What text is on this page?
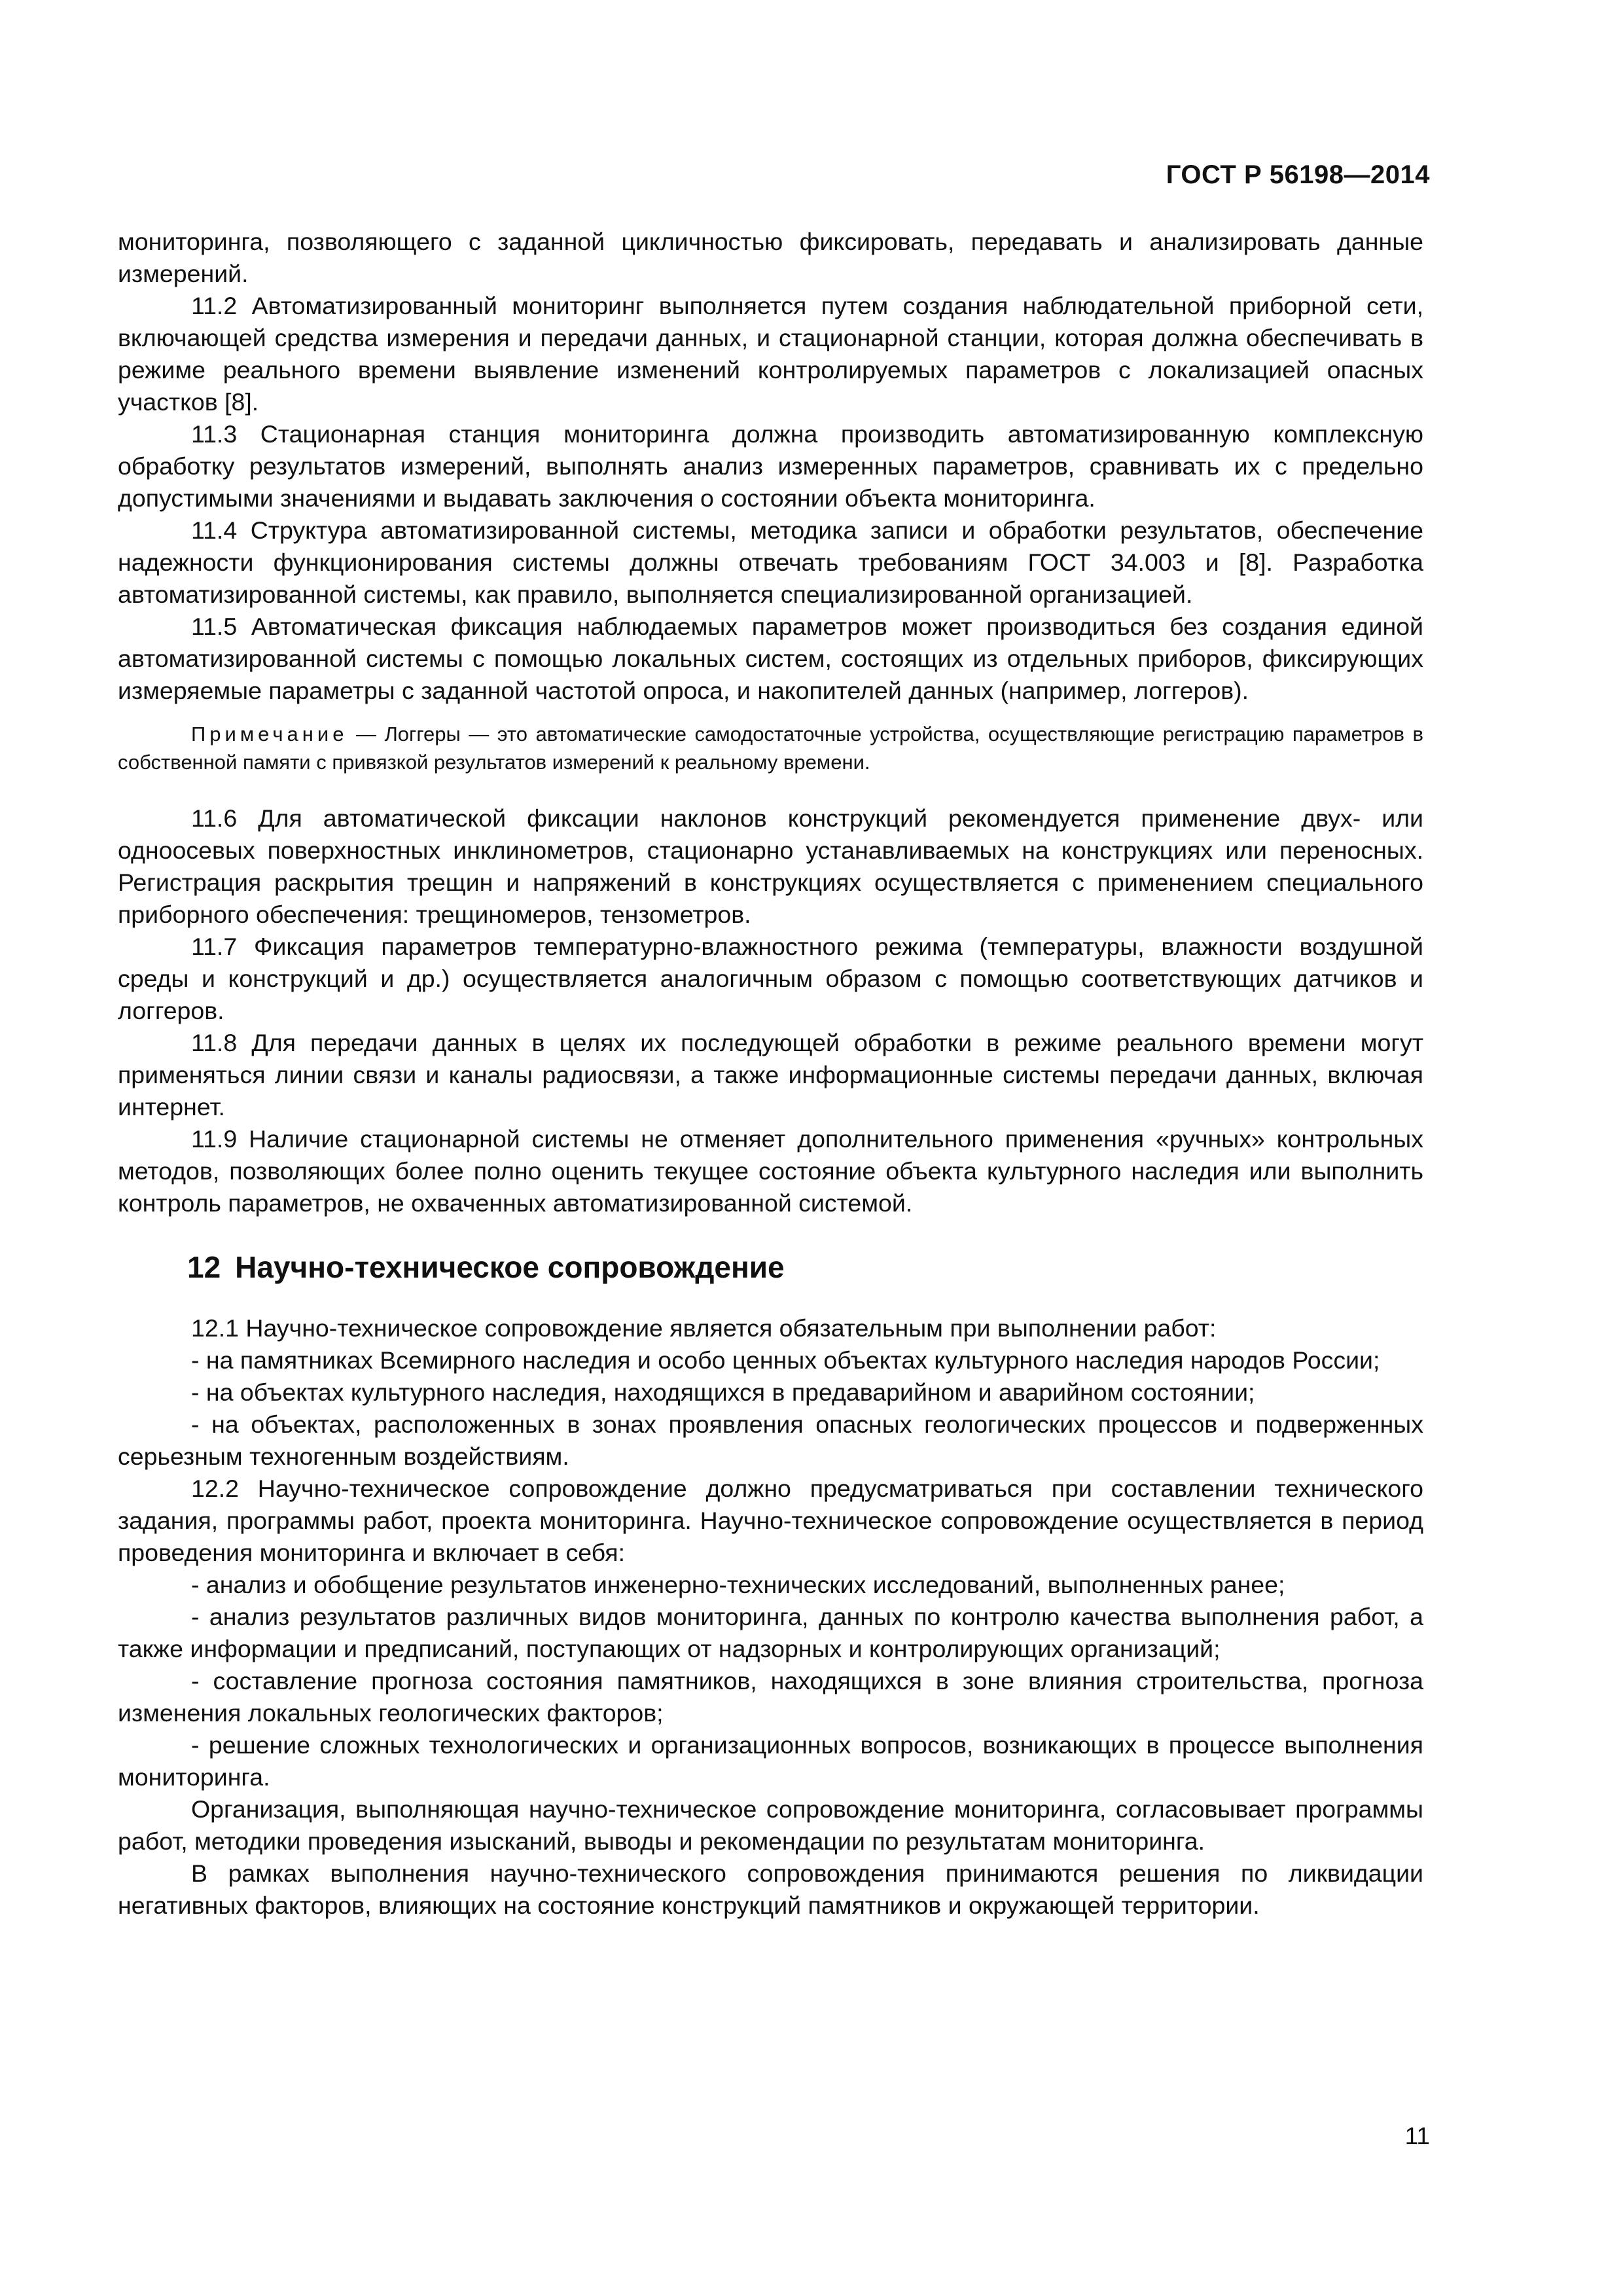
ГОСТ Р 56198—2014

мониторинга, позволяющего с заданной цикличностью фиксировать, передавать и анализировать данные измерений.

11.2 Автоматизированный мониторинг выполняется путем создания наблюдательной приборной сети, включающей средства измерения и передачи данных, и стационарной станции, которая должна обеспечивать в режиме реального времени выявление изменений контролируемых параметров с локализацией опасных участков [8].

11.3 Стационарная станция мониторинга должна производить автоматизированную комплексную обработку результатов измерений, выполнять анализ измеренных параметров, сравнивать их с предельно допустимыми значениями и выдавать заключения о состоянии объекта мониторинга.

11.4 Структура автоматизированной системы, методика записи и обработки результатов, обеспечение надежности функционирования системы должны отвечать требованиям ГОСТ 34.003 и [8]. Разработка автоматизированной системы, как правило, выполняется специализированной организацией.

11.5 Автоматическая фиксация наблюдаемых параметров может производиться без создания единой автоматизированной системы с помощью локальных систем, состоящих из отдельных приборов, фиксирующих измеряемые параметры с заданной частотой опроса, и накопителей данных (например, логгеров).

Примечание — Логгеры — это автоматические самодостаточные устройства, осуществляющие регистрацию параметров в собственной памяти с привязкой результатов измерений к реальному времени.

11.6 Для автоматической фиксации наклонов конструкций рекомендуется применение двух- или одноосевых поверхностных инклинометров, стационарно устанавливаемых на конструкциях или переносных. Регистрация раскрытия трещин и напряжений в конструкциях осуществляется с применением специального приборного обеспечения: трещиномеров, тензометров.

11.7 Фиксация параметров температурно-влажностного режима (температуры, влажности воздушной среды и конструкций и др.) осуществляется аналогичным образом с помощью соответствующих датчиков и логгеров.

11.8 Для передачи данных в целях их последующей обработки в режиме реального времени могут применяться линии связи и каналы радиосвязи, а также информационные системы передачи данных, включая интернет.

11.9 Наличие стационарной системы не отменяет дополнительного применения «ручных» контрольных методов, позволяющих более полно оценить текущее состояние объекта культурного наследия или выполнить контроль параметров, не охваченных автоматизированной системой.

12 Научно-техническое сопровождение

12.1 Научно-техническое сопровождение является обязательным при выполнении работ:

- на памятниках Всемирного наследия и особо ценных объектах культурного наследия народов России;

- на объектах культурного наследия, находящихся в предаварийном и аварийном состоянии;

- на объектах, расположенных в зонах проявления опасных геологических процессов и подверженных серьезным техногенным воздействиям.

12.2 Научно-техническое сопровождение должно предусматриваться при составлении технического задания, программы работ, проекта мониторинга. Научно-техническое сопровождение осуществляется в период проведения мониторинга и включает в себя:

- анализ и обобщение результатов инженерно-технических исследований, выполненных ранее;

- анализ результатов различных видов мониторинга, данных по контролю качества выполнения работ, а также информации и предписаний, поступающих от надзорных и контролирующих организаций;

- составление прогноза состояния памятников, находящихся в зоне влияния строительства, прогноза изменения локальных геологических факторов;

- решение сложных технологических и организационных вопросов, возникающих в процессе выполнения мониторинга.

Организация, выполняющая научно-техническое сопровождение мониторинга, согласовывает программы работ, методики проведения изысканий, выводы и рекомендации по результатам мониторинга.

В рамках выполнения научно-технического сопровождения принимаются решения по ликвидации негативных факторов, влияющих на состояние конструкций памятников и окружающей территории.

11
